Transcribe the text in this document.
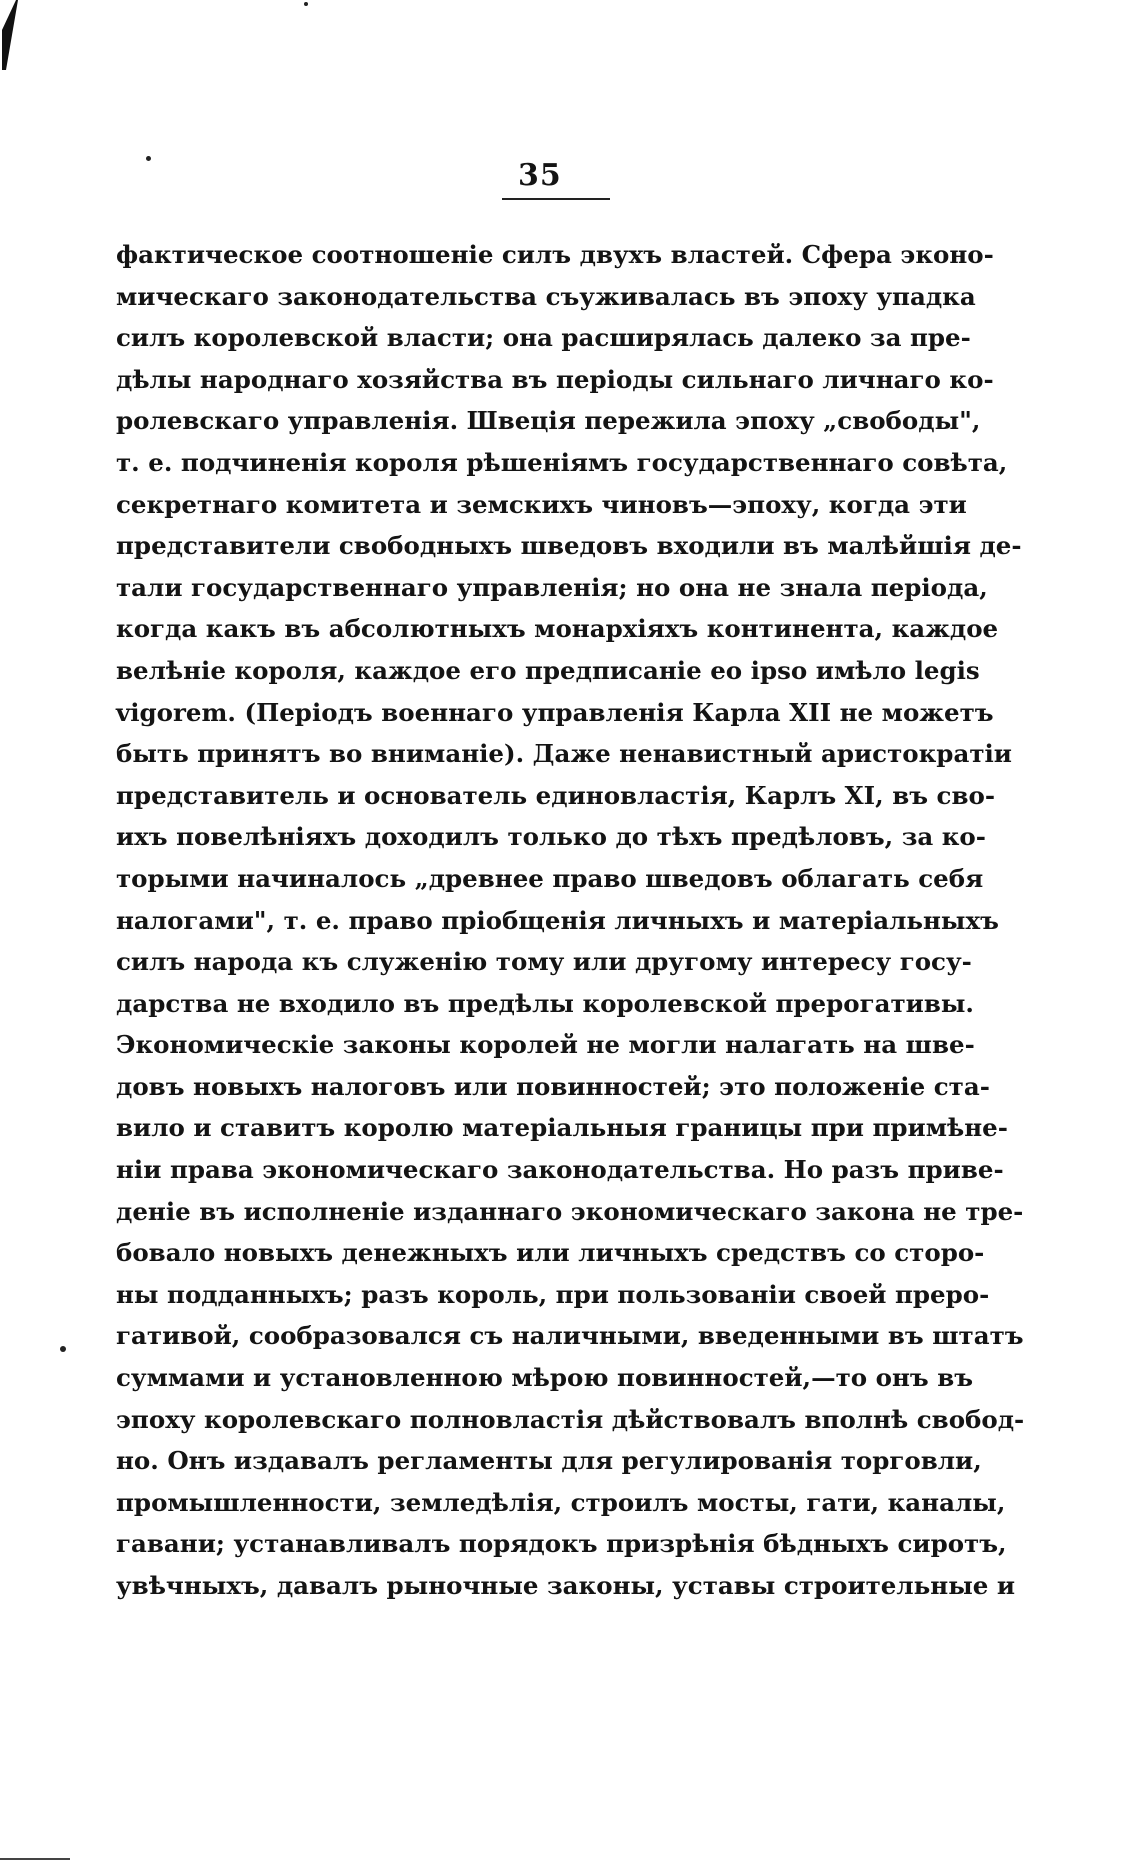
35
фактическое соотношеніе силъ двухъ властей. Сфера эконо-
мическаго законодательства съуживалась въ эпоху упадка
силъ королевской власти; она расширялась далеко за пре-
дѣлы народнаго хозяйства въ періоды сильнаго личнаго ко-
ролевскаго управленія. Швеція пережила эпоху „свободы",
т. е. подчиненія короля рѣшеніямъ государственнаго совѣта,
секретнаго комитета и земскихъ чиновъ—эпоху, когда эти
представители свободныхъ шведовъ входили въ малѣйшія де-
тали государственнаго управленія; но она не знала періода,
когда какъ въ абсолютныхъ монархіяхъ континента, каждое
велѣніе короля, каждое его предписаніе eo ipso имѣло legis
vigorem. (Періодъ военнаго управленія Карла XII не можетъ
быть принятъ во вниманіе). Даже ненавистный аристократіи
представитель и основатель единовластія, Карлъ XI, въ сво-
ихъ повелѣніяхъ доходилъ только до тѣхъ предѣловъ, за ко-
торыми начиналось „древнее право шведовъ облагать себя
налогами", т. е. право пріобщенія личныхъ и матеріальныхъ
силъ народа къ служенію тому или другому интересу госу-
дарства не входило въ предѣлы королевской прерогативы.
Экономическіе законы королей не могли налагать на шве-
довъ новыхъ налоговъ или повинностей; это положеніе ста-
вило и ставитъ королю матеріальныя границы при примѣне-
ніи права экономическаго законодательства. Но разъ приве-
деніе въ исполненіе изданнаго экономическаго закона не тре-
бовало новыхъ денежныхъ или личныхъ средствъ со сторо-
ны подданныхъ; разъ король, при пользованіи своей преро-
гативой, сообразовался съ наличными, введенными въ штатъ
суммами и установленною мѣрою повинностей,—то онъ въ
эпоху королевскаго полновластія дѣйствовалъ вполнѣ свобод-
но. Онъ издавалъ регламенты для регулированія торговли,
промышленности, земледѣлія, строилъ мосты, гати, каналы,
гавани; устанавливалъ порядокъ призрѣнія бѣдныхъ сиротъ,
увѣчныхъ, давалъ рыночные законы, уставы строительные и
